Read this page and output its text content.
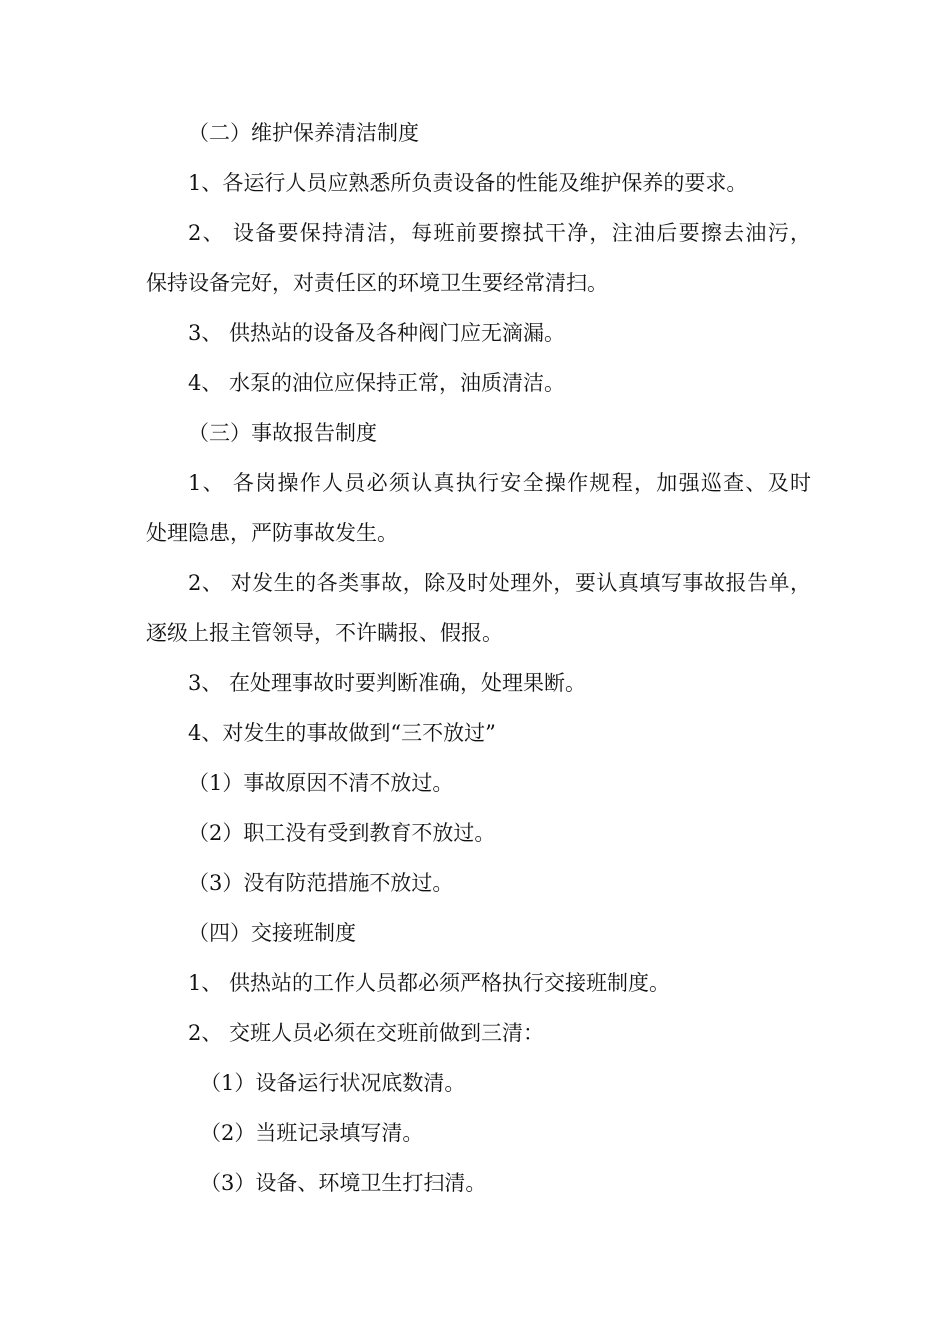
（二）维护保养清洁制度

1、各运行人员应熟悉所负责设备的性能及维护保养的要求。

2、 设备要保持清洁，每班前要擦拭干净，注油后要擦去油污，

保持设备完好，对责任区的环境卫生要经常清扫。

3、 供热站的设备及各种阀门应无滴漏。

4、 水泵的油位应保持正常，油质清洁。

（三）事故报告制度

1、 各岗操作人员必须认真执行安全操作规程，加强巡查、及时

处理隐患，严防事故发生。

2、 对发生的各类事故，除及时处理外，要认真填写事故报告单，

逐级上报主管领导，不许瞒报、假报。

3、 在处理事故时要判断准确，处理果断。

4、对发生的事故做到“三不放过”

（1）事故原因不清不放过。

（2）职工没有受到教育不放过。

（3）没有防范措施不放过。

（四）交接班制度

1、 供热站的工作人员都必须严格执行交接班制度。

2、 交班人员必须在交班前做到三清：

（1）设备运行状况底数清。

（2）当班记录填写清。

（3）设备、环境卫生打扫清。
